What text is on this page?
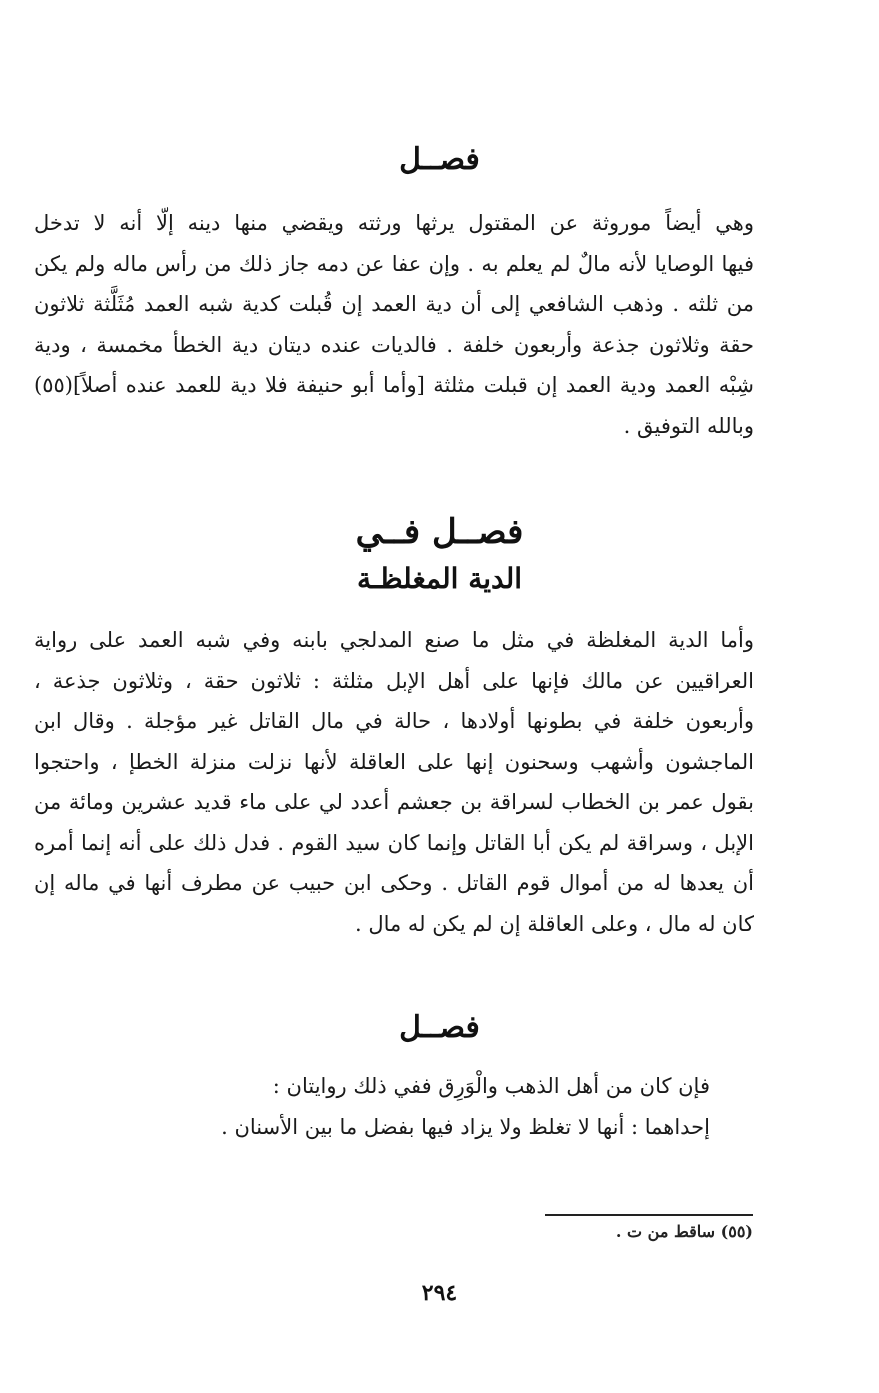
فصــل
وهي أيضاً موروثة عن المقتول يرثها ورثته ويقضي منها دينه إلّا أنه لا تدخل
فيها الوصايا لأنه مالٌ لم يعلم به . وإن عفا عن دمه جاز ذلك من رأس ماله ولم يكن
من ثلثه . وذهب الشافعي إلى أن دية العمد إن قُبلت كدية شبه العمد مُثَلَّثة ثلاثون
حقة وثلاثون جذعة وأربعون خلفة . فالديات عنده ديتان دية الخطأ مخمسة ، ودية
شِبْه العمد ودية العمد إن قبلت مثلثة [وأما أبو حنيفة فلا دية للعمد عنده أصلاً](٥٥)
وبالله التوفيق .
فصــل فــي
الدية المغلظـة
وأما الدية المغلظة في مثل ما صنع المدلجي بابنه وفي شبه العمد على رواية
العراقيين عن مالك فإنها على أهل الإبل مثلثة : ثلاثون حقة ، وثلاثون جذعة ،
وأربعون خلفة في بطونها أولادها ، حالة في مال القاتل غير مؤجلة . وقال ابن
الماجشون وأشهب وسحنون إنها على العاقلة لأنها نزلت منزلة الخطإ ، واحتجوا
بقول عمر بن الخطاب لسراقة بن جعشم أعدد لي على ماء قديد عشرين ومائة من
الإبل ، وسراقة لم يكن أبا القاتل وإنما كان سيد القوم . فدل ذلك على أنه إنما أمره
أن يعدها له من أموال قوم القاتل . وحكى ابن حبيب عن مطرف أنها في ماله إن
كان له مال ، وعلى العاقلة إن لم يكن له مال .
فصــل
فإن كان من أهل الذهب والْوَرِق ففي ذلك روايتان :
إحداهما : أنها لا تغلظ ولا يزاد فيها بفضل ما بين الأسنان .
(٥٥) ساقط من ت .
٢٩٤
